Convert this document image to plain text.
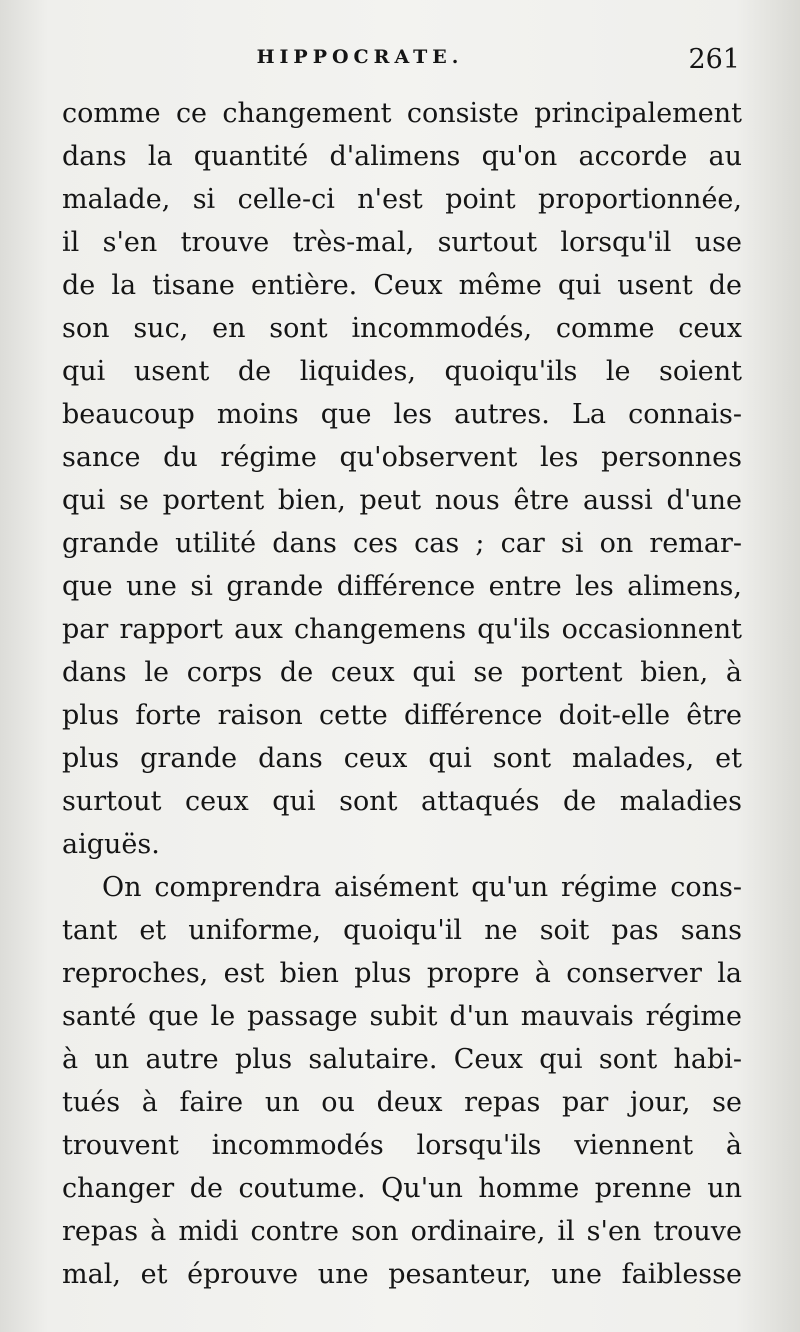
HIPPOCRATE.	261
comme ce changement consiste principalement
dans la quantité d'alimens qu'on accorde au
malade, si celle-ci n'est point proportionnée,
il s'en trouve très-mal, surtout lorsqu'il use
de la tisane entière. Ceux même qui usent de
son suc, en sont incommodés, comme ceux
qui usent de liquides, quoiqu'ils le soient
beaucoup moins que les autres. La connais-
sance du régime qu'observent les personnes
qui se portent bien, peut nous être aussi d'une
grande utilité dans ces cas ; car si on remar-
que une si grande différence entre les alimens,
par rapport aux changemens qu'ils occasionnent
dans le corps de ceux qui se portent bien, à
plus forte raison cette différence doit-elle être
plus grande dans ceux qui sont malades, et
surtout ceux qui sont attaqués de maladies
aiguës.
On comprendra aisément qu'un régime cons-
tant et uniforme, quoiqu'il ne soit pas sans
reproches, est bien plus propre à conserver la
santé que le passage subit d'un mauvais régime
à un autre plus salutaire. Ceux qui sont habi-
tués à faire un ou deux repas par jour, se
trouvent incommodés lorsqu'ils viennent à
changer de coutume. Qu'un homme prenne un
repas à midi contre son ordinaire, il s'en trouve
mal, et éprouve une pesanteur, une faiblesse
